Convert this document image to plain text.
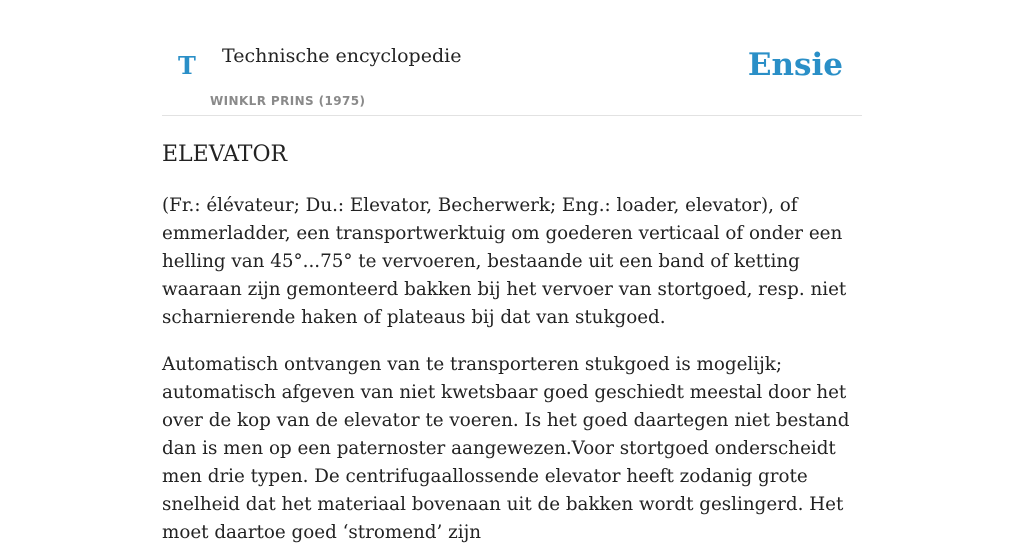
T Technische encyclopedie
WINKLR PRINS (1975)
Ensie
ELEVATOR

(Fr.: élévateur; Du.: Elevator, Becherwerk; Eng.: loader, elevator), of emmerladder, een transportwerktuig om goederen verticaal of onder een helling van 45°...75° te vervoeren, bestaande uit een band of ketting waaraan zijn gemonteerd bakken bij het vervoer van stortgoed, resp. niet scharnierende haken of plateaus bij dat van stukgoed.

Automatisch ontvangen van te transporteren stukgoed is mogelijk; automatisch afgeven van niet kwetsbaar goed geschiedt meestal door het over de kop van de elevator te voeren. Is het goed daartegen niet bestand dan is men op een paternoster aangewezen.Voor stortgoed onderscheidt men drie typen. De centrifugaallossende elevator heeft zodanig grote snelheid dat het materiaal bovenaan uit de bakken wordt geslingerd. Het moet daartoe goed ‘stromend’ zijn
